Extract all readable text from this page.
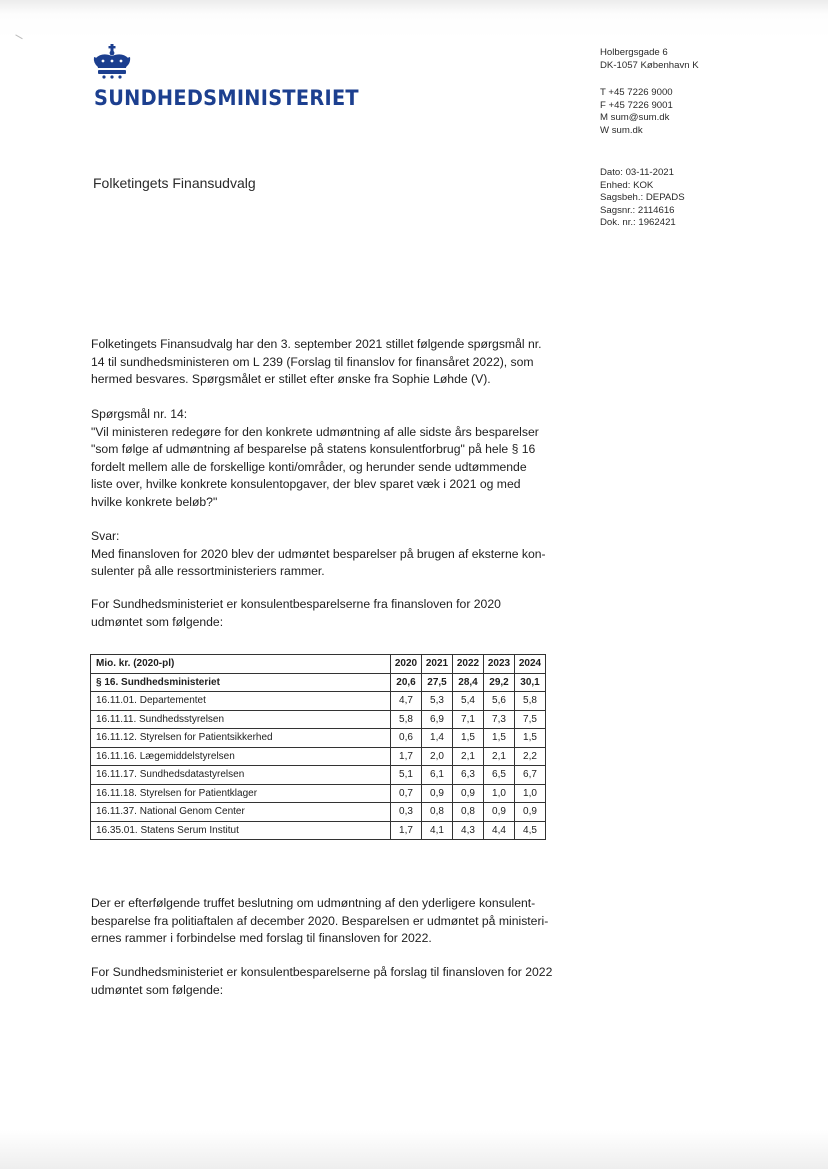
SUNDHEDSMINISTERIET
Holbergsgade 6
DK-1057 København K
T +45 7226 9000
F +45 7226 9001
M sum@sum.dk
W sum.dk
Dato: 03-11-2021
Enhed: KOK
Sagsbeh.: DEPADS
Sagsnr.: 2114616
Dok. nr.: 1962421
Folketingets Finansudvalg

Folketingets Finansudvalg har den 3. september 2021 stillet følgende spørgsmål nr.

14 til sundhedsministeren om L 239 (Forslag til finanslov for finansåret 2022), som

hermed besvares. Spørgsmålet er stillet efter ønske fra Sophie Løhde (V).

Spørgsmål nr. 14:

"Vil ministeren redegøre for den konkrete udmøntning af alle sidste års besparelser

"som følge af udmøntning af besparelse på statens konsulentforbrug" på hele § 16

fordelt mellem alle de forskellige konti/områder, og herunder sende udtømmende

liste over, hvilke konkrete konsulentopgaver, der blev sparet væk i 2021 og med

hvilke konkrete beløb?"

Svar:

Med finansloven for 2020 blev der udmøntet besparelser på brugen af eksterne kon-

sulenter på alle ressortministeriers rammer.

For Sundhedsministeriet er konsulentbesparelserne fra finansloven for 2020

udmøntet som følgende:

Mio. kr. (2020-pl)	2020	2021	2022	2023	2024
§ 16. Sundhedsministeriet	20,6	27,5	28,4	29,2	30,1
16.11.01. Departementet	4,7	5,3	5,4	5,6	5,8
16.11.11. Sundhedsstyrelsen	5,8	6,9	7,1	7,3	7,5
16.11.12. Styrelsen for Patientsikkerhed	0,6	1,4	1,5	1,5	1,5
16.11.16. Lægemiddelstyrelsen	1,7	2,0	2,1	2,1	2,2
16.11.17. Sundhedsdatastyrelsen	5,1	6,1	6,3	6,5	6,7
16.11.18. Styrelsen for Patientklager	0,7	0,9	0,9	1,0	1,0
16.11.37. National Genom Center	0,3	0,8	0,8	0,9	0,9
16.35.01. Statens Serum Institut	1,7	4,1	4,3	4,4	4,5

Der er efterfølgende truffet beslutning om udmøntning af den yderligere konsulent-

besparelse fra politiaftalen af december 2020. Besparelsen er udmøntet på ministeri-

ernes rammer i forbindelse med forslag til finansloven for 2022.

For Sundhedsministeriet er konsulentbesparelserne på forslag til finansloven for 2022

udmøntet som følgende:
